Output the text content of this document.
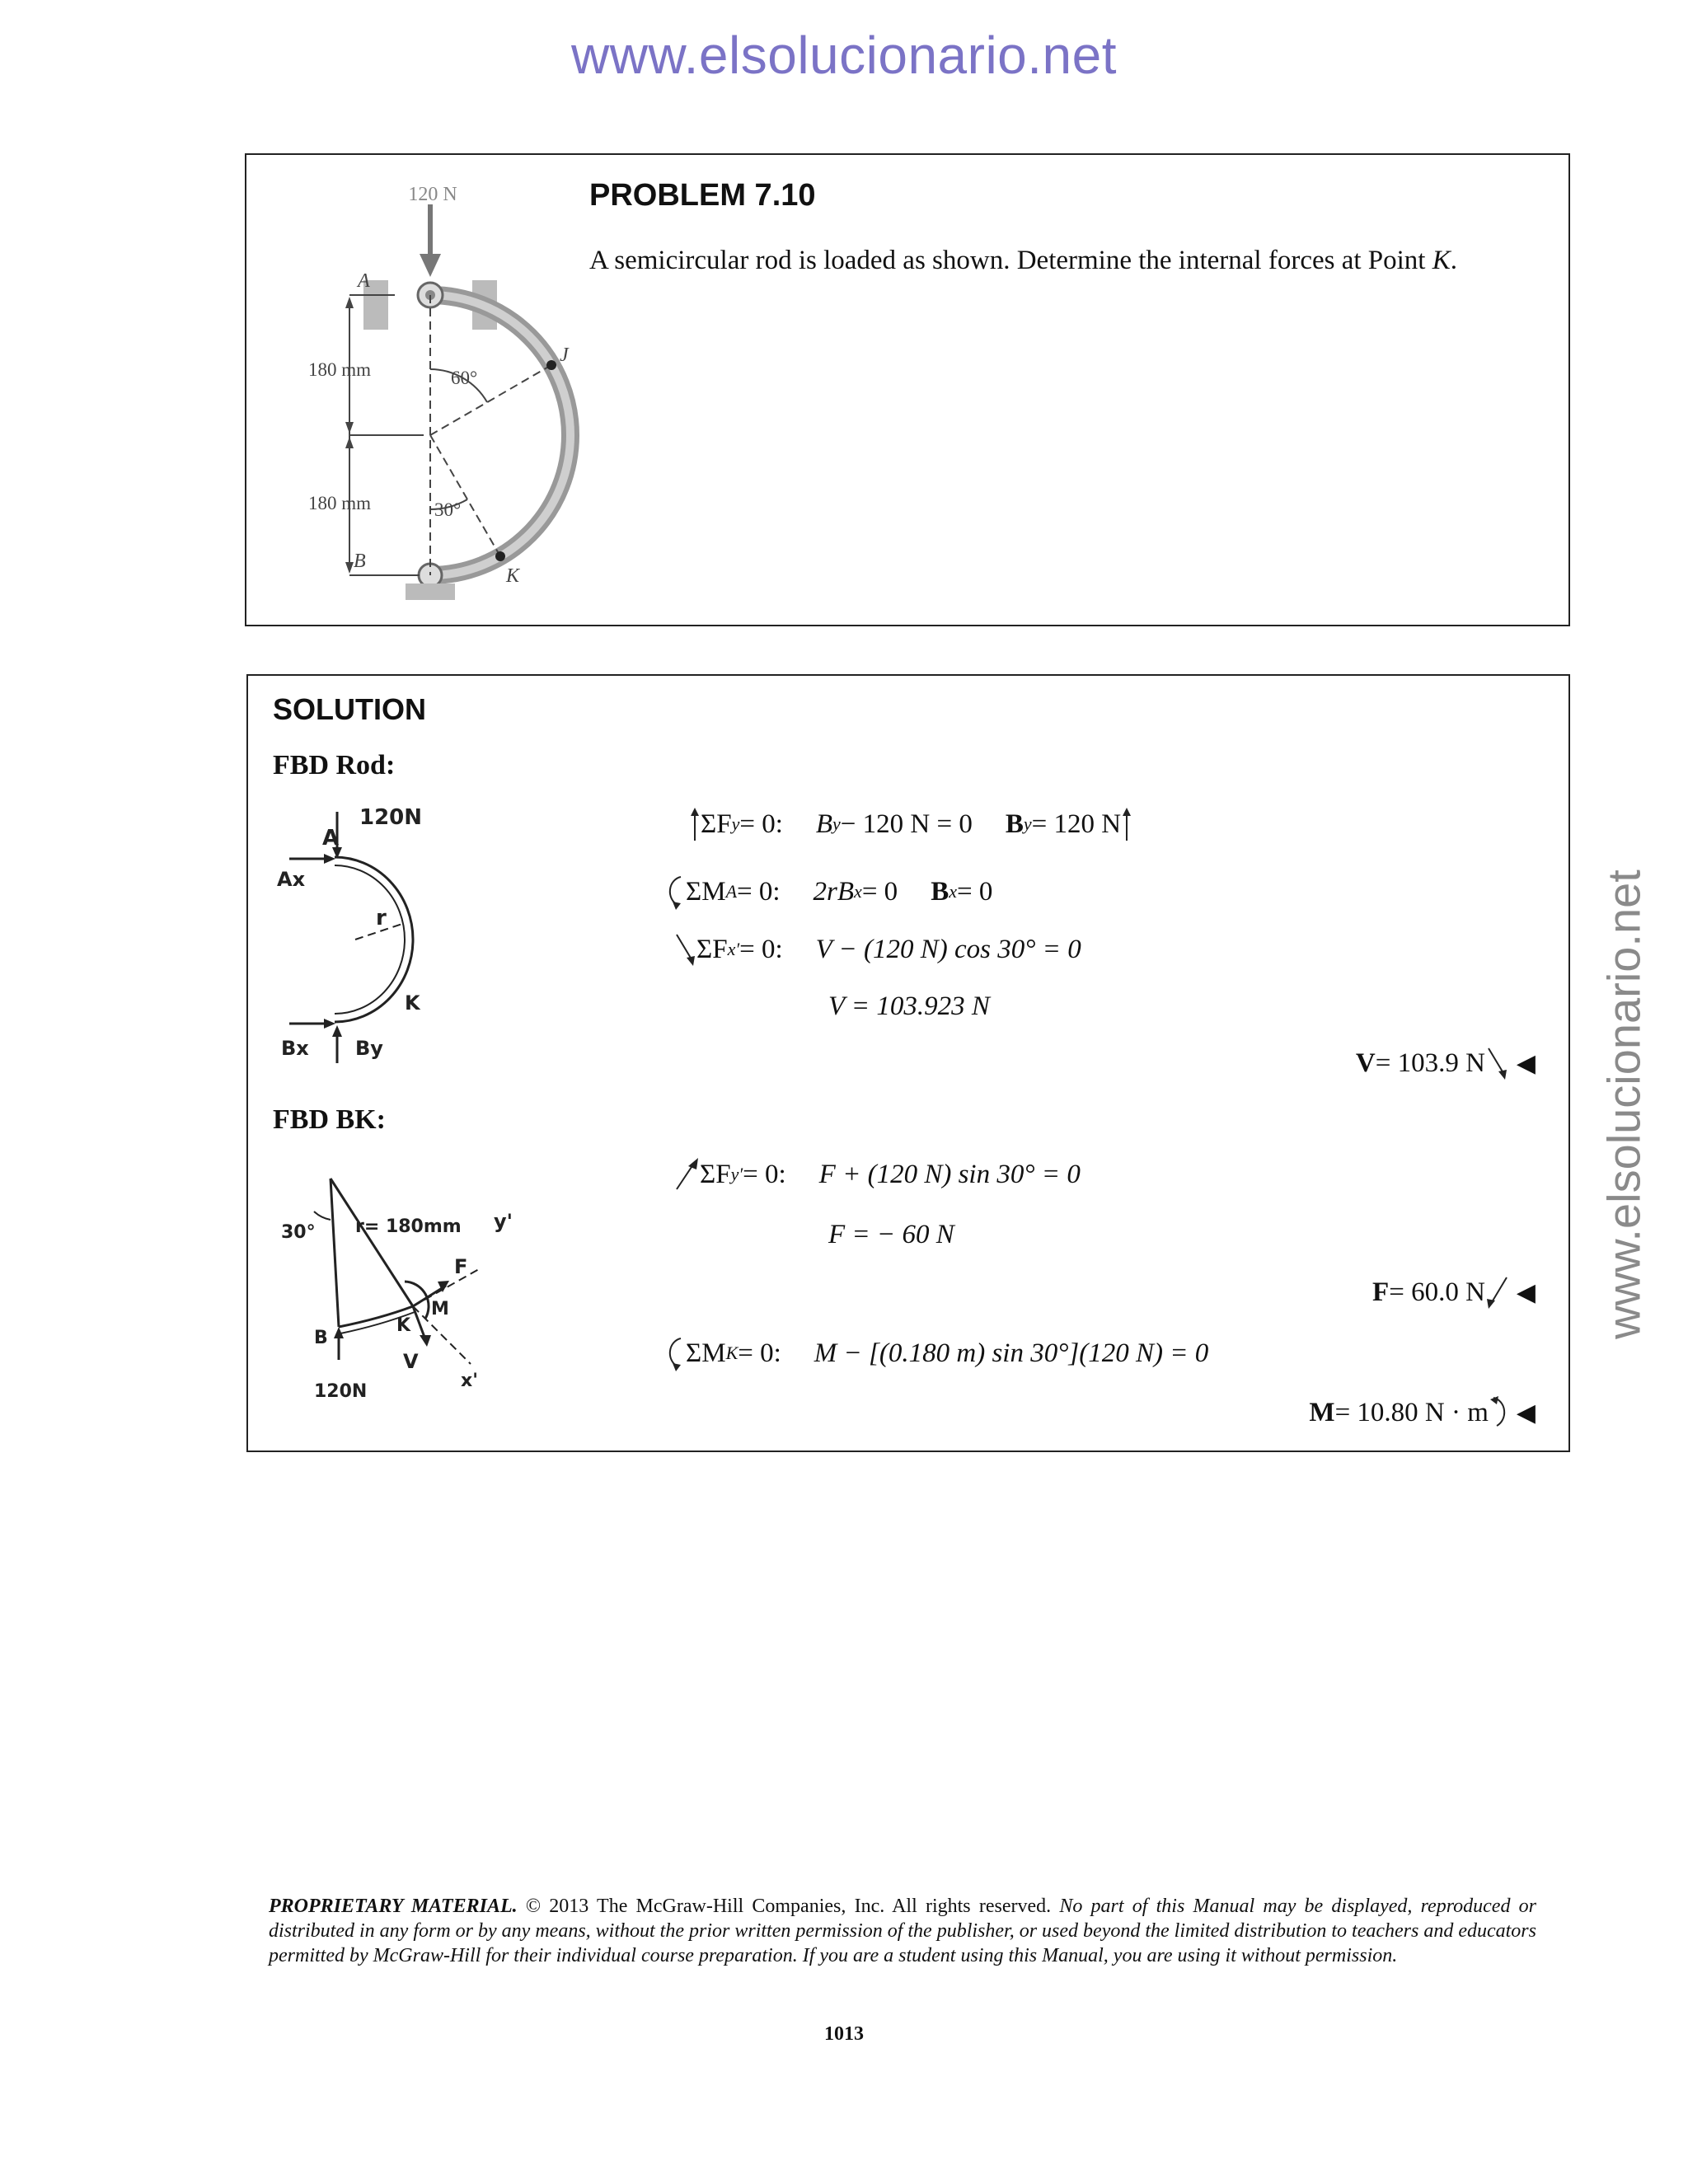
www.elsolucionario.net
www.elsolucionario.net
120 N
A
B
J
K
180 mm
180 mm
60°
30°
PROBLEM 7.10
A semicircular rod is loaded as shown. Determine the internal forces at Point K.
SOLUTION
FBD Rod:
FBD BK:
120N
A
Ax
r
K
Bx By
30° r= 180mm y'
F
M
K
B
V
x'
120N
ΣF y = 0: B y − 120 N = 0 B y = 120 N
ΣM A = 0: 2rB x = 0 B x = 0
ΣF x′ = 0: V − (120 N) cos 30° = 0
V = 103.923 N
V = 103.9 N ◀
ΣF y′ = 0: F + (120 N) sin 30° = 0
F = − 60 N
F = 60.0 N ◀
ΣM K = 0: M − [(0.180 m) sin 30°](120 N) = 0
M = 10.80 N · m ◀
PROPRIETARY MATERIAL. © 2013 The McGraw-Hill Companies, Inc. All rights reserved. No part of this Manual may be displayed, reproduced or distributed in any form or by any means, without the prior written permission of the publisher, or used beyond the limited distribution to teachers and educators permitted by McGraw-Hill for their individual course preparation. If you are a student using this Manual, you are using it without permission.
1013
